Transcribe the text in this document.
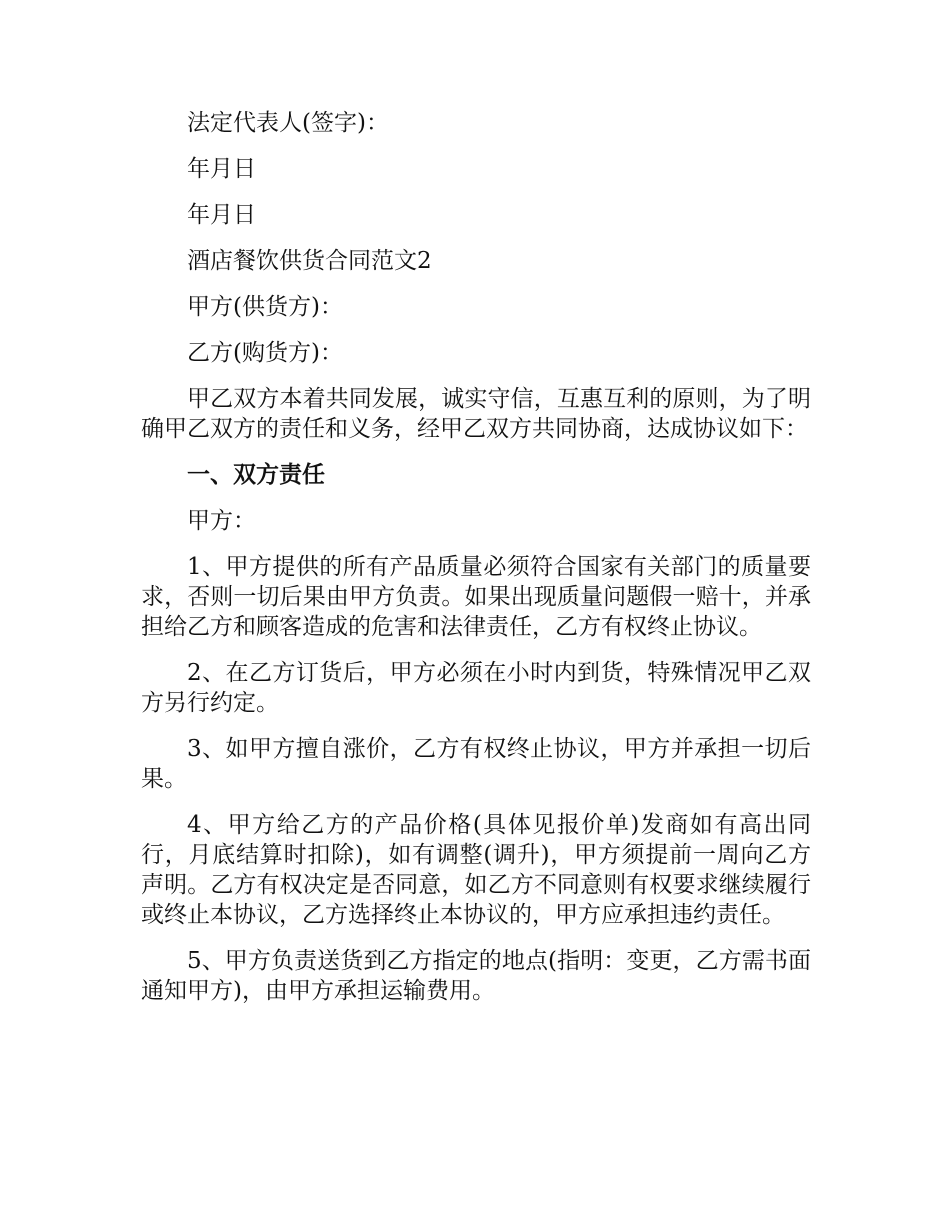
法定代表人(签字)：

年月日

年月日

酒店餐饮供货合同范文2

甲方(供货方)：

乙方(购货方)：

甲乙双方本着共同发展，诚实守信，互惠互利的原则，为了明确甲乙双方的责任和义务，经甲乙双方共同协商，达成协议如下：

一、双方责任

甲方：

1、甲方提供的所有产品质量必须符合国家有关部门的质量要求，否则一切后果由甲方负责。如果出现质量问题假一赔十，并承担给乙方和顾客造成的危害和法律责任，乙方有权终止协议。

2、在乙方订货后，甲方必须在小时内到货，特殊情况甲乙双方另行约定。

3、如甲方擅自涨价，乙方有权终止协议，甲方并承担一切后果。

4、甲方给乙方的产品价格(具体见报价单)发商如有高出同行，月底结算时扣除)，如有调整(调升)，甲方须提前一周向乙方声明。乙方有权决定是否同意，如乙方不同意则有权要求继续履行或终止本协议，乙方选择终止本协议的，甲方应承担违约责任。

5、甲方负责送货到乙方指定的地点(指明：变更，乙方需书面通知甲方)，由甲方承担运输费用。
